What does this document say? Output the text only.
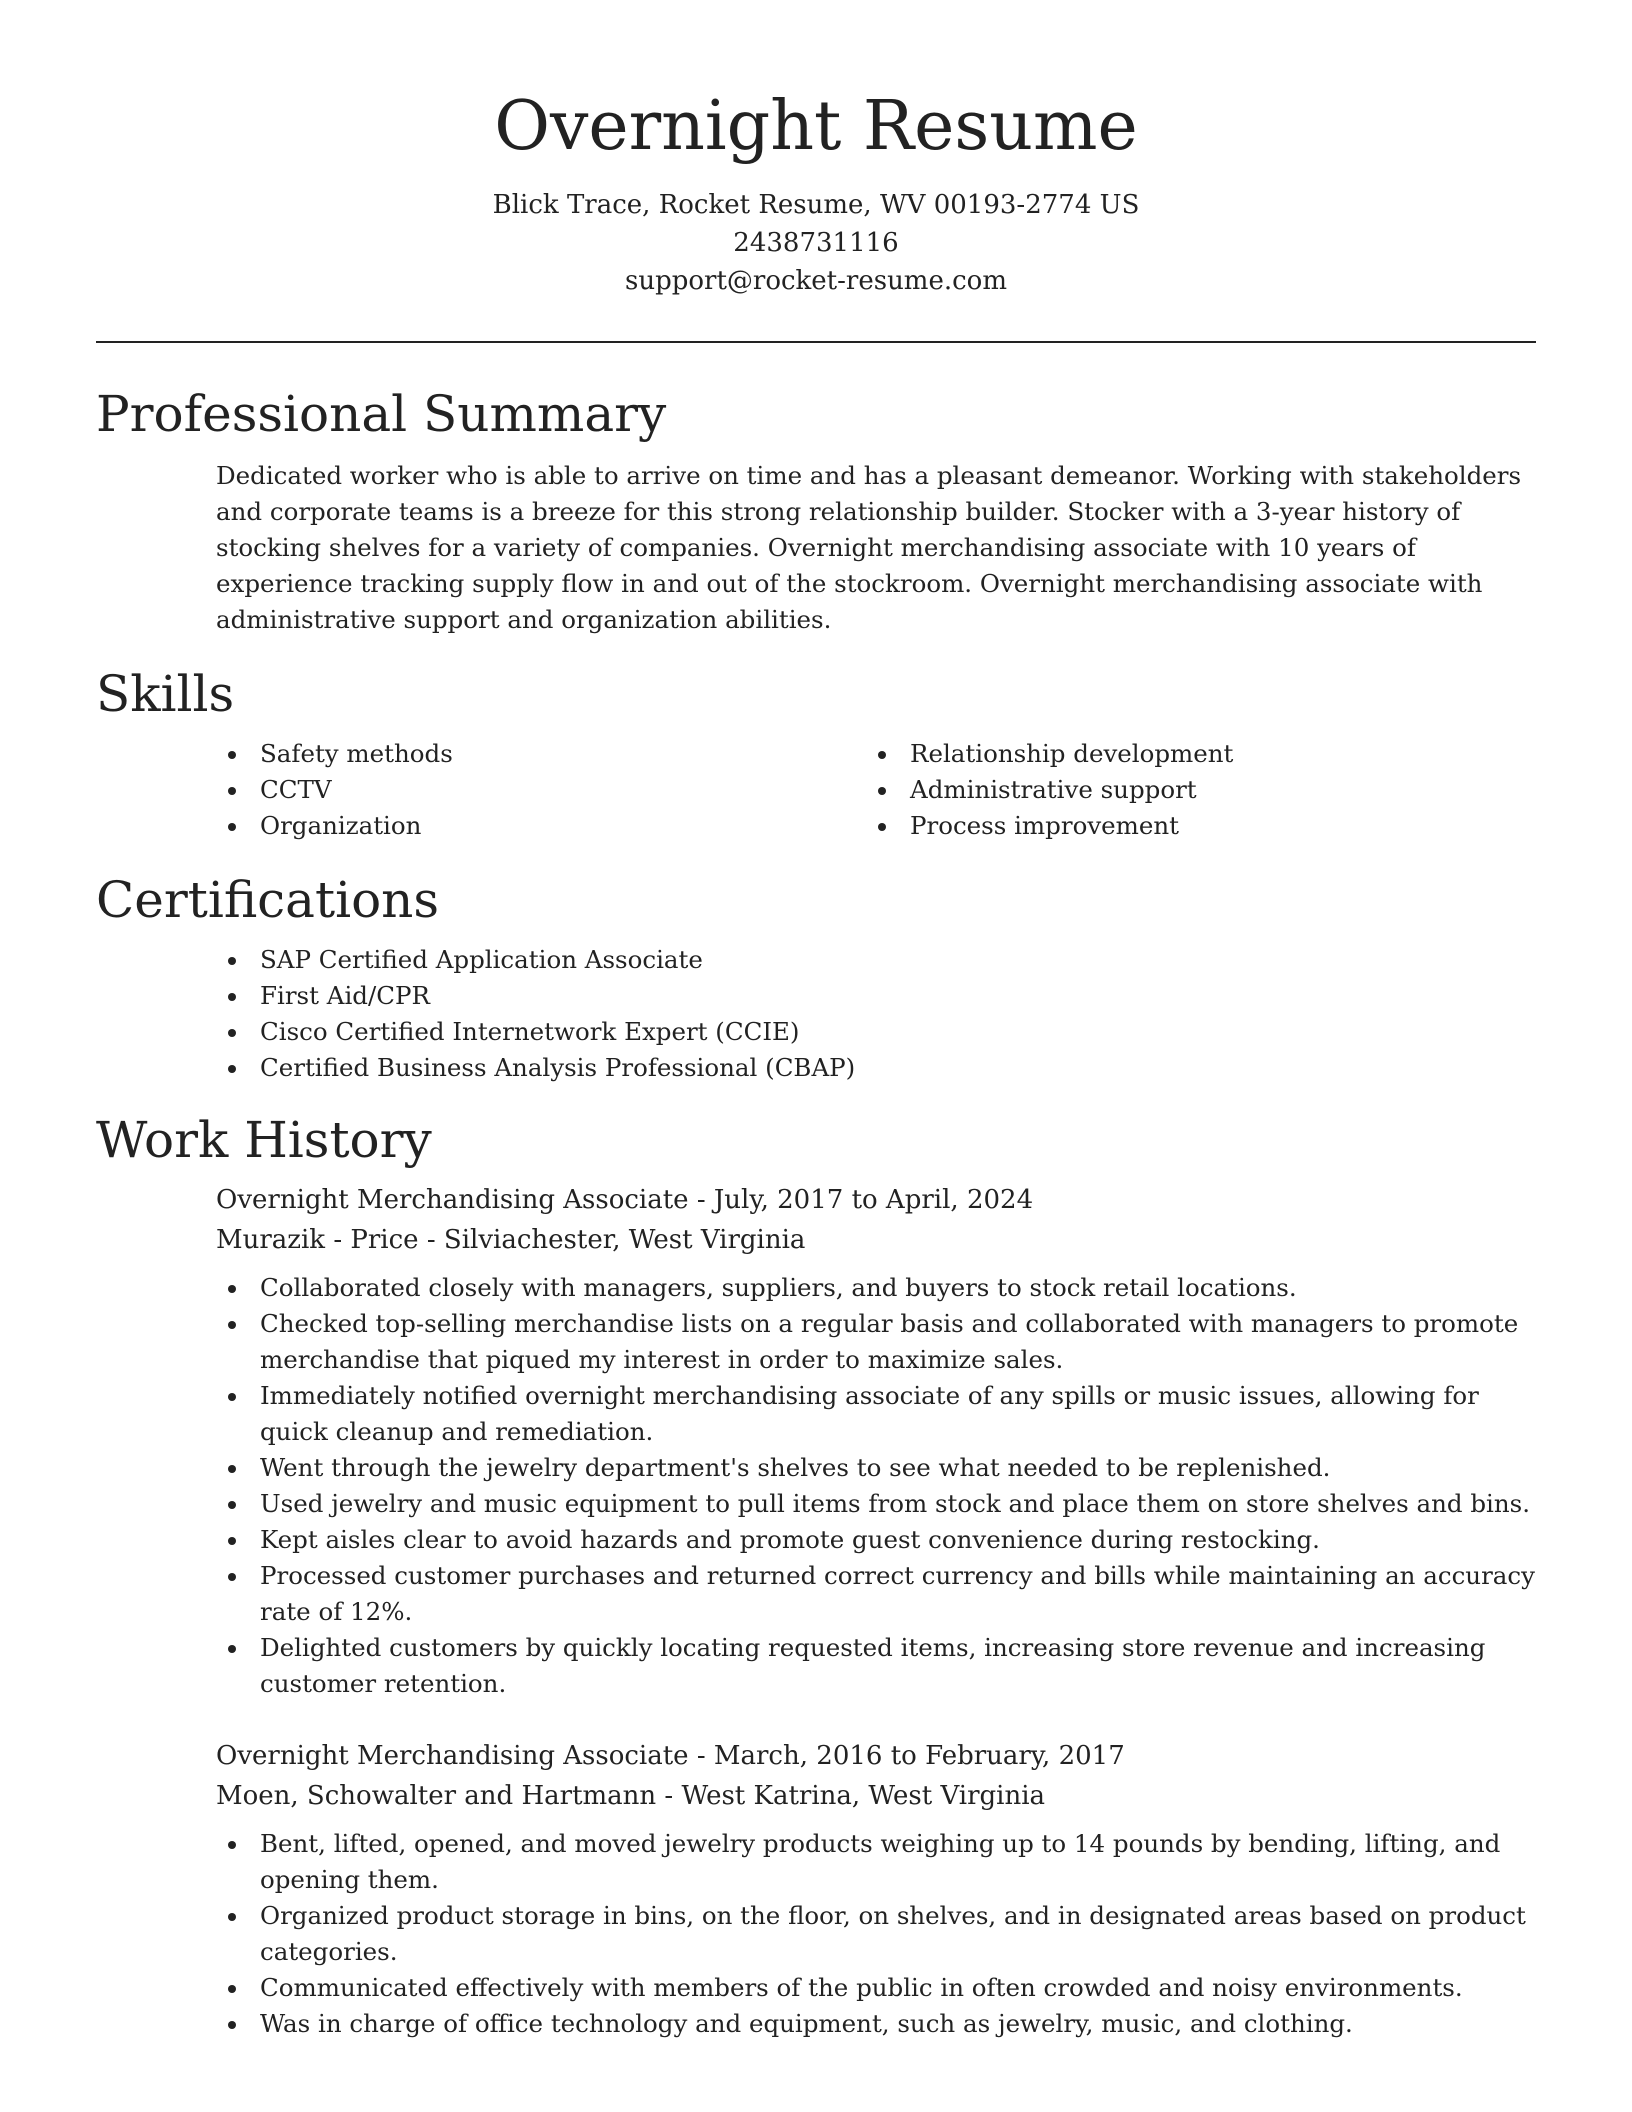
Overnight Resume
Blick Trace, Rocket Resume, WV 00193-2774 US
2438731116
support@rocket-resume.com
Professional Summary

Dedicated worker who is able to arrive on time and has a pleasant demeanor. Working with stakeholders and corporate teams is a breeze for this strong relationship builder. Stocker with a 3-year history of stocking shelves for a variety of companies. Overnight merchandising associate with 10 years of experience tracking supply flow in and out of the stockroom. Overnight merchandising associate with administrative support and organization abilities.

Skills
Safety methods
CCTV
Organization
Relationship development
Administrative support
Process improvement
Certifications
SAP Certified Application Associate
First Aid/CPR
Cisco Certified Internetwork Expert (CCIE)
Certified Business Analysis Professional (CBAP)
Work History
Overnight Merchandising Associate - July, 2017 to April, 2024
Murazik - Price - Silviachester, West Virginia
Collaborated closely with managers, suppliers, and buyers to stock retail locations.
Checked top-selling merchandise lists on a regular basis and collaborated with managers to promote merchandise that piqued my interest in order to maximize sales.
Immediately notified overnight merchandising associate of any spills or music issues, allowing for quick cleanup and remediation.
Went through the jewelry department's shelves to see what needed to be replenished.
Used jewelry and music equipment to pull items from stock and place them on store shelves and bins.
Kept aisles clear to avoid hazards and promote guest convenience during restocking.
Processed customer purchases and returned correct currency and bills while maintaining an accuracy rate of 12%.
Delighted customers by quickly locating requested items, increasing store revenue and increasing customer retention.
Overnight Merchandising Associate - March, 2016 to February, 2017
Moen, Schowalter and Hartmann - West Katrina, West Virginia
Bent, lifted, opened, and moved jewelry products weighing up to 14 pounds by bending, lifting, and opening them.
Organized product storage in bins, on the floor, on shelves, and in designated areas based on product categories.
Communicated effectively with members of the public in often crowded and noisy environments.
Was in charge of office technology and equipment, such as jewelry, music, and clothing.
